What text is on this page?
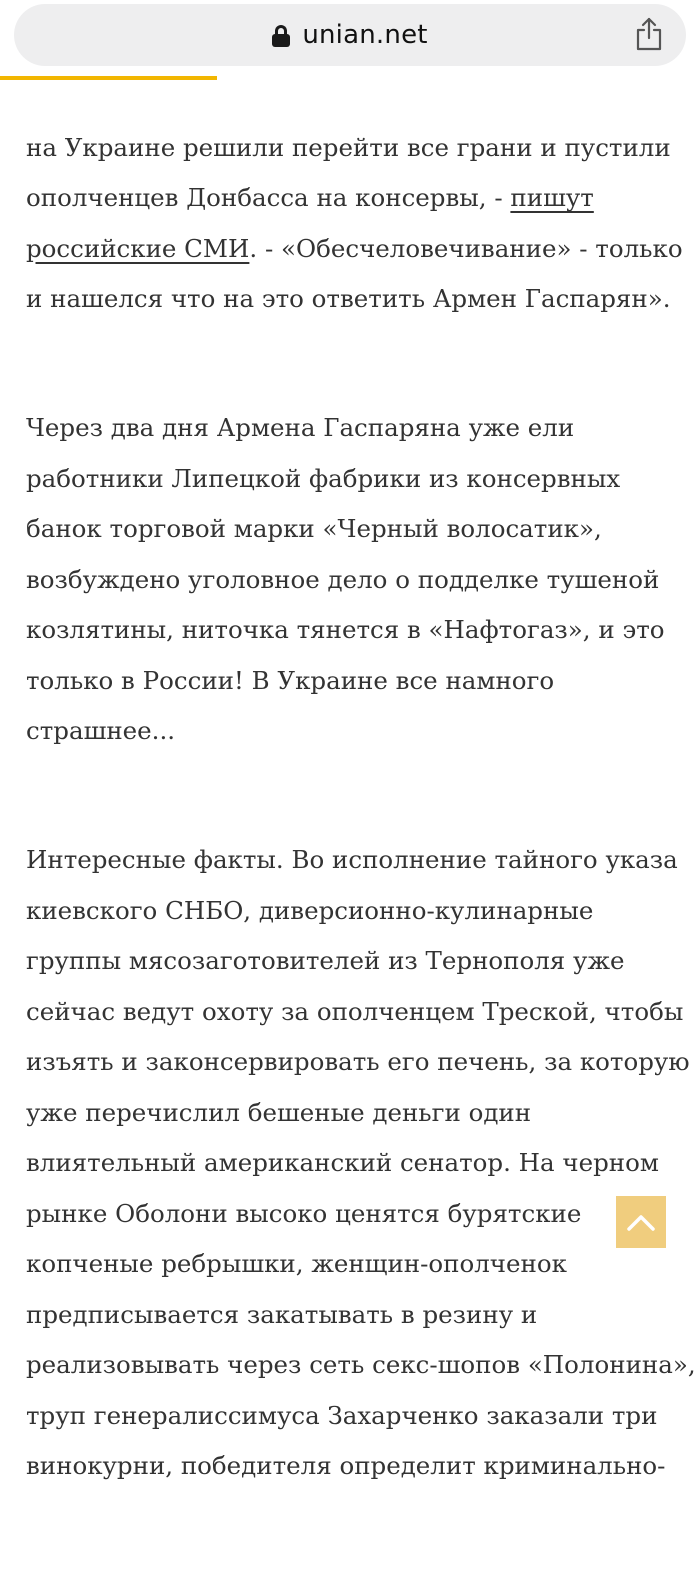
unian.net

на Украине решили перейти все грани и пустили
ополченцев Донбасса на консервы, - пишут
российские СМИ. - «Обесчеловечивание» - только
и нашелся что на это ответить Армен Гаспарян».

Через два дня Армена Гаспаряна уже ели
работники Липецкой фабрики из консервных
банок торговой марки «Черный волосатик»,
возбуждено уголовное дело о подделке тушеной
козлятины, ниточка тянется в «Нафтогаз», и это
только в России! В Украине все намного страшнее...

Интересные факты. Во исполнение тайного указа
киевского СНБО, диверсионно-кулинарные
группы мясозаготовителей из Тернополя уже
сейчас ведут охоту за ополченцем Треской, чтобы
изъять и законсервировать его печень, за которую
уже перечислил бешеные деньги один
влиятельный американский сенатор. На черном
рынке Оболони высоко ценятся бурятские
копченые ребрышки, женщин-ополченок
предписывается закатывать в резину и
реализовывать через сеть секс-шопов «Полонина»,
труп генералиссимуса Захарченко заказали три
винокурни, победителя определит криминально-
